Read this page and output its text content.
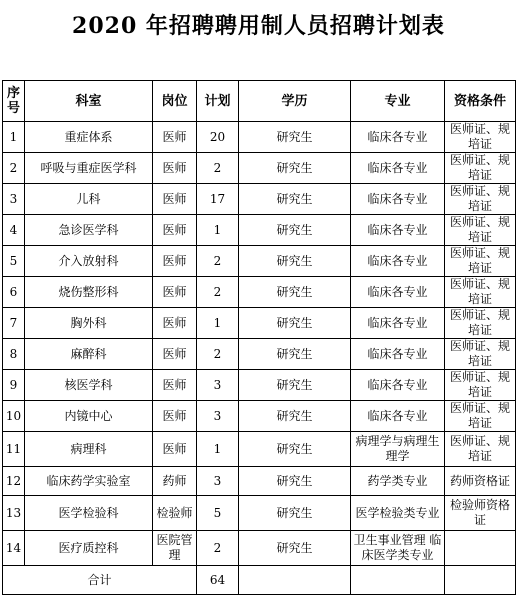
2020 年招聘聘用制人员招聘计划表
序号	科室	岗位	计划	学历	专业	资格条件
1	重症体系	医师	20	研究生	临床各专业	医师证、规培证
2	呼吸与重症医学科	医师	2	研究生	临床各专业	医师证、规培证
3	儿科	医师	17	研究生	临床各专业	医师证、规培证
4	急诊医学科	医师	1	研究生	临床各专业	医师证、规培证
5	介入放射科	医师	2	研究生	临床各专业	医师证、规培证
6	烧伤整形科	医师	2	研究生	临床各专业	医师证、规培证
7	胸外科	医师	1	研究生	临床各专业	医师证、规培证
8	麻醉科	医师	2	研究生	临床各专业	医师证、规培证
9	核医学科	医师	3	研究生	临床各专业	医师证、规培证
10	内镜中心	医师	3	研究生	临床各专业	医师证、规培证
11	病理科	医师	1	研究生	病理学与病理生理学	医师证、规培证
12	临床药学实验室	药师	3	研究生	药学类专业	药师资格证
13	医学检验科	检验师	5	研究生	医学检验类专业	检验师资格证
14	医疗质控科	医院管理	2	研究生	卫生事业管理 临床医学类专业	
合计			64			
